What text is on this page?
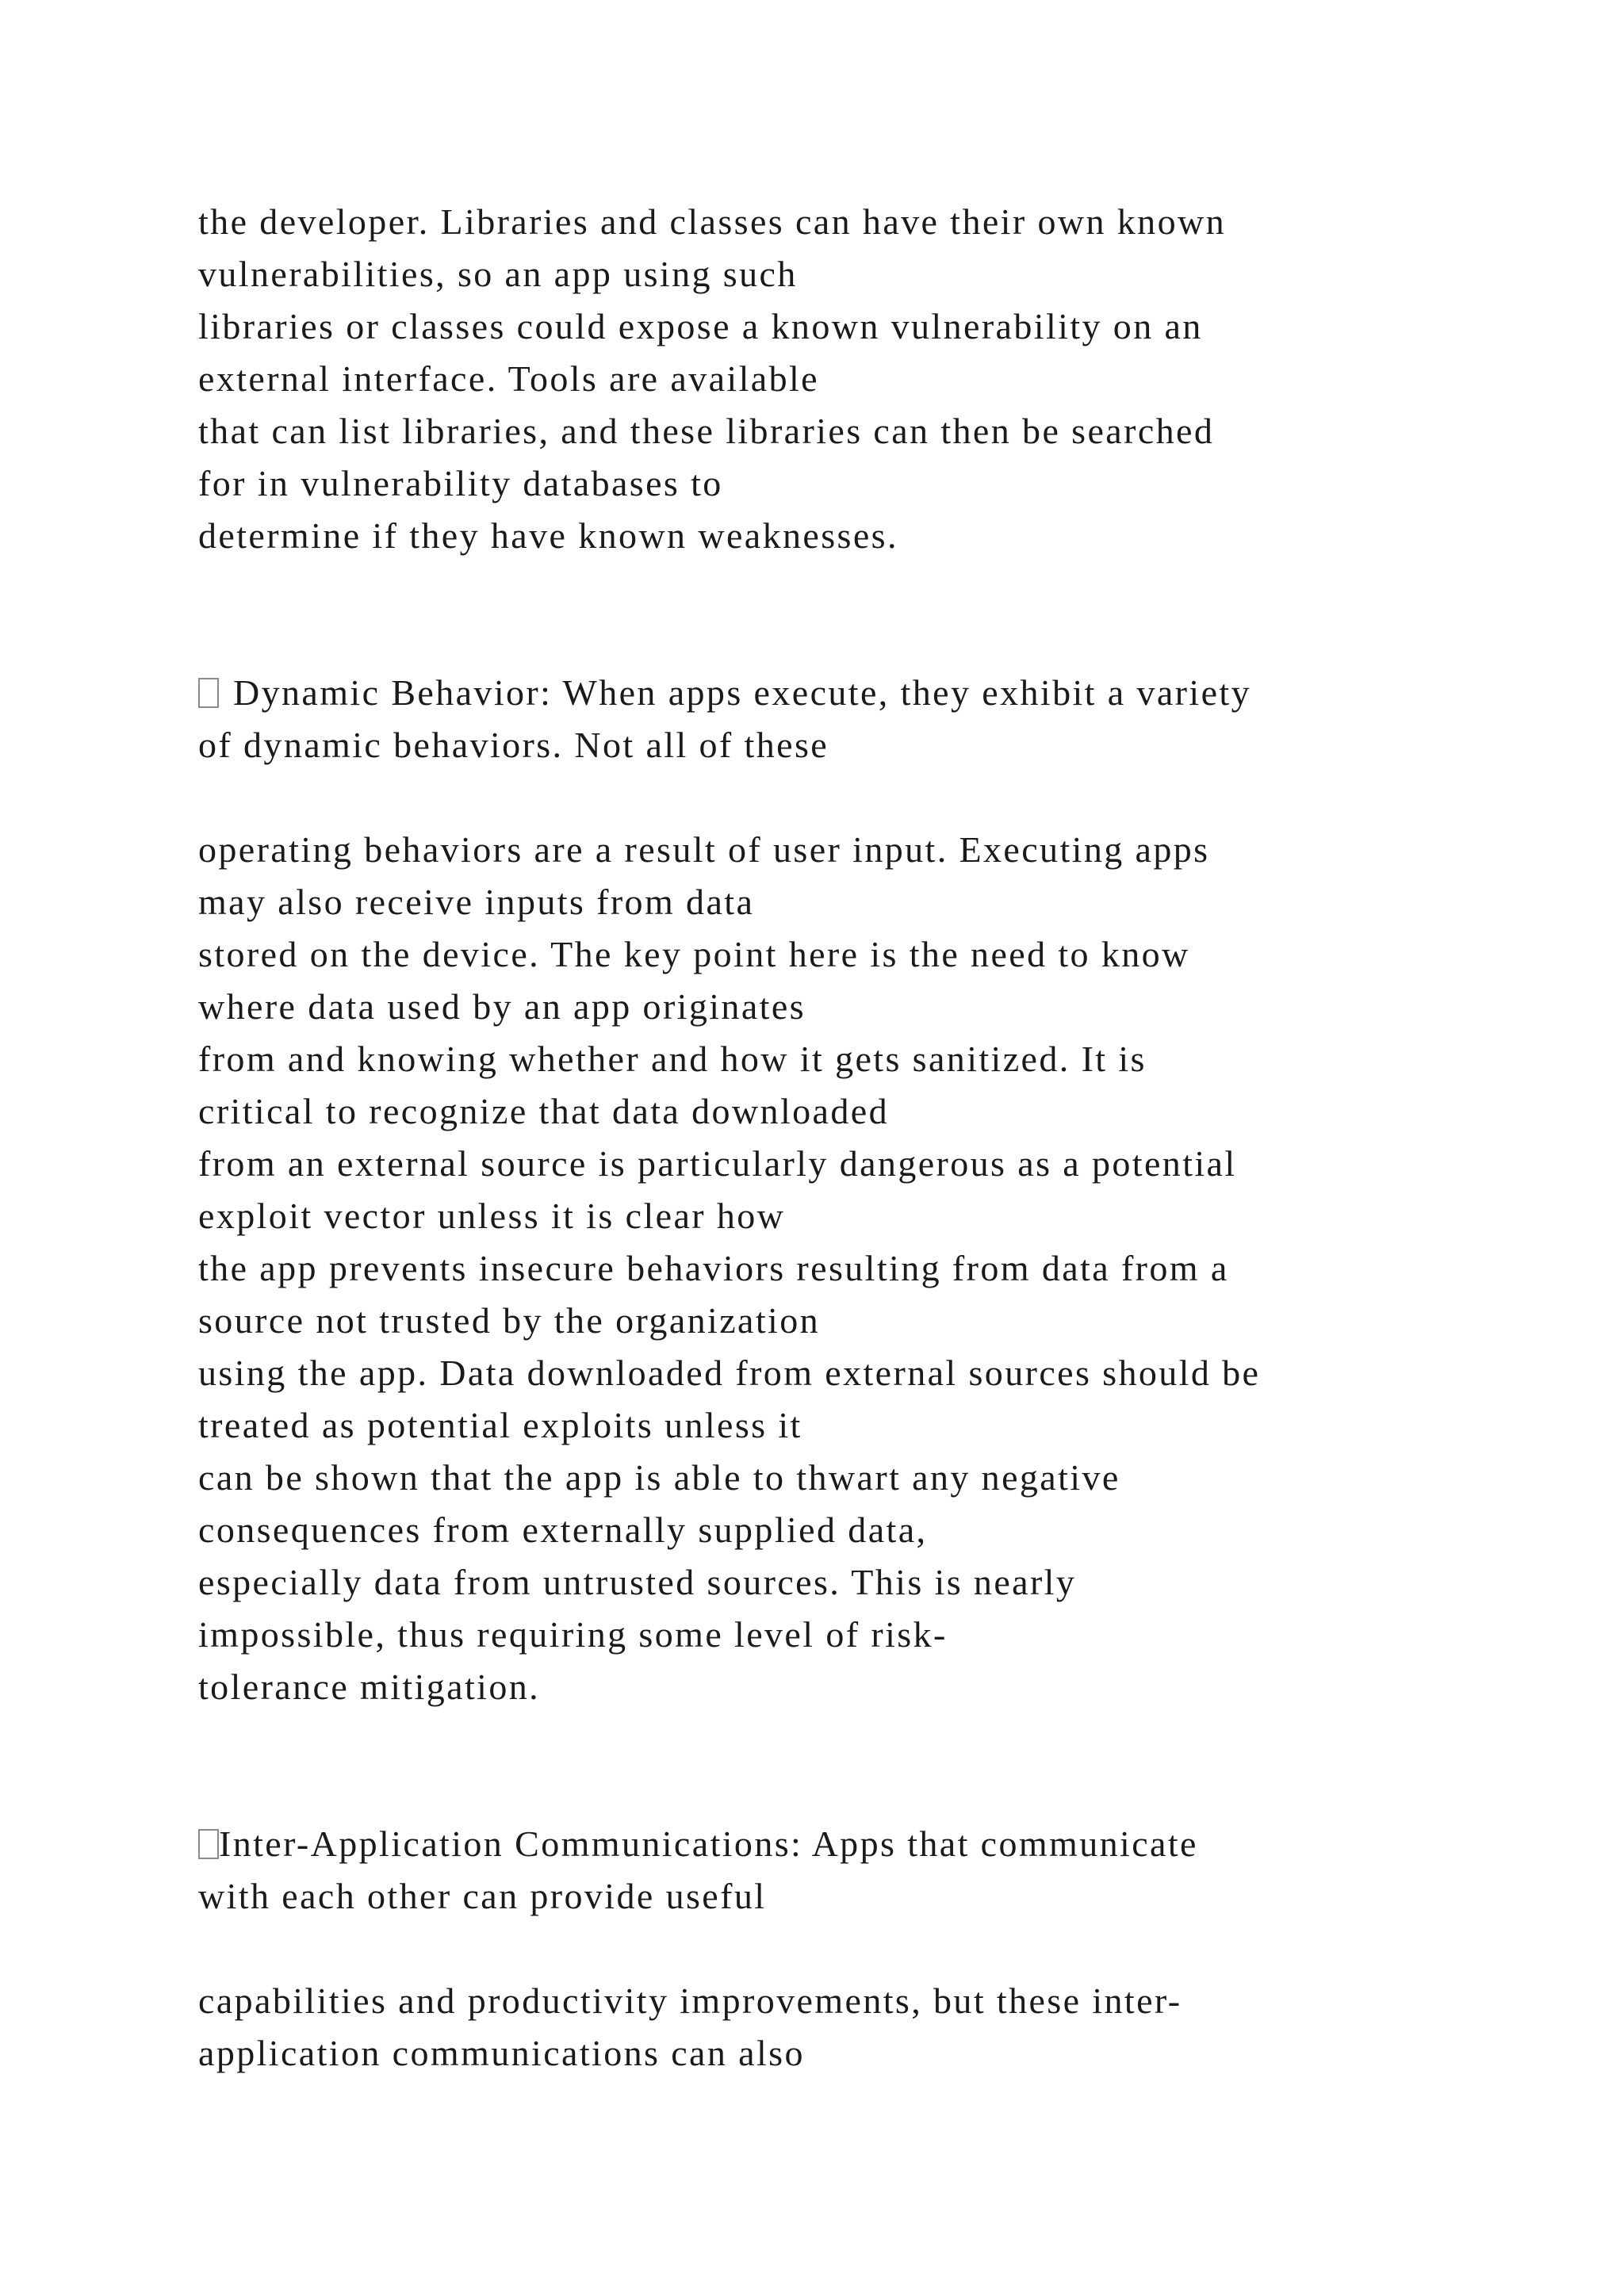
the developer. Libraries and classes can have their own known

vulnerabilities, so an app using such

libraries or classes could expose a known vulnerability on an

external interface. Tools are available

that can list libraries, and these libraries can then be searched

for in vulnerability databases to

determine if they have known weaknesses.

Dynamic Behavior: When apps execute, they exhibit a variety

of dynamic behaviors. Not all of these

operating behaviors are a result of user input. Executing apps

may also receive inputs from data

stored on the device. The key point here is the need to know

where data used by an app originates

from and knowing whether and how it gets sanitized. It is

critical to recognize that data downloaded

from an external source is particularly dangerous as a potential

exploit vector unless it is clear how

the app prevents insecure behaviors resulting from data from a

source not trusted by the organization

using the app. Data downloaded from external sources should be

treated as potential exploits unless it

can be shown that the app is able to thwart any negative

consequences from externally supplied data,

especially data from untrusted sources. This is nearly

impossible, thus requiring some level of risk-

tolerance mitigation.

Inter-Application Communications: Apps that communicate

with each other can provide useful

capabilities and productivity improvements, but these inter-

application communications can also
